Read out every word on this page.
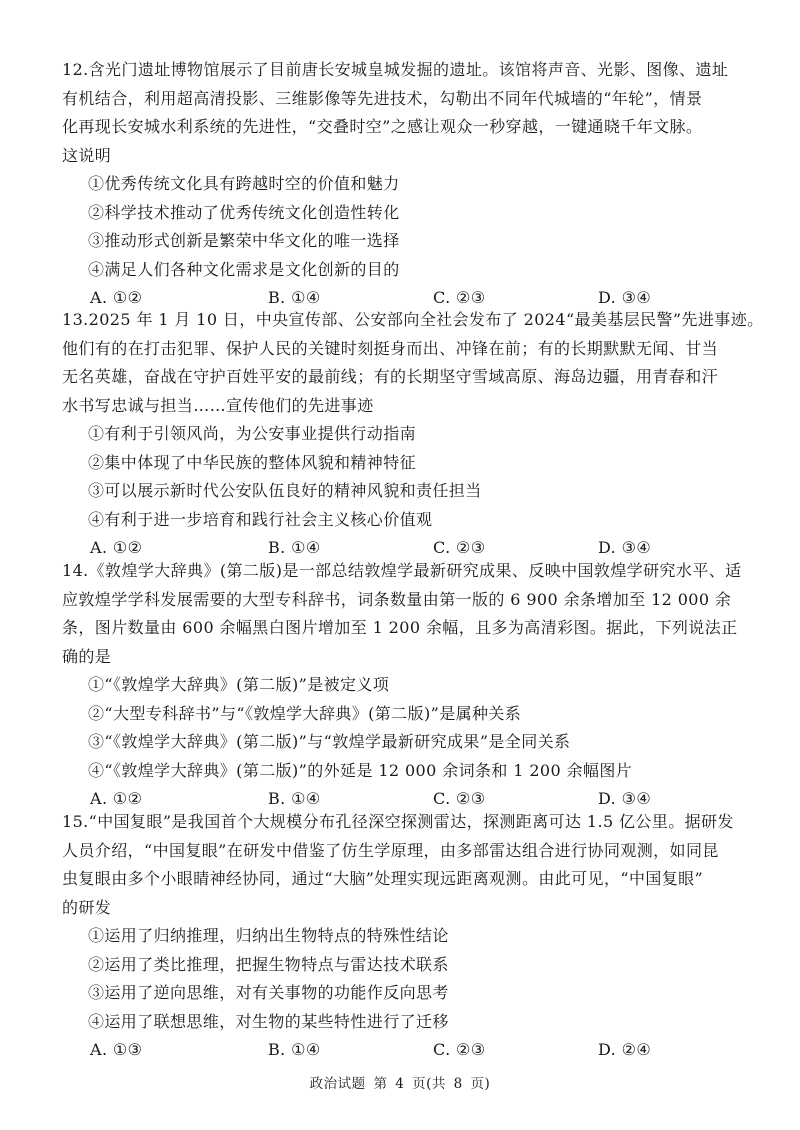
12.含光门遗址博物馆展示了目前唐长安城皇城发掘的遗址。该馆将声音、光影、图像、遗址
有机结合，利用超高清投影、三维影像等先进技术，勾勒出不同年代城墙的“年轮”，情景
化再现长安城水利系统的先进性，“交叠时空”之感让观众一秒穿越，一键通晓千年文脉。
这说明
①优秀传统文化具有跨越时空的价值和魅力
②科学技术推动了优秀传统文化创造性转化
③推动形式创新是繁荣中华文化的唯一选择
④满足人们各种文化需求是文化创新的目的
A. ①②	B. ①④	C. ②③	D. ③④
13.2025 年 1 月 10 日，中央宣传部、公安部向全社会发布了 2024“最美基层民警”先进事迹。
他们有的在打击犯罪、保护人民的关键时刻挺身而出、冲锋在前；有的长期默默无闻、甘当
无名英雄，奋战在守护百姓平安的最前线；有的长期坚守雪域高原、海岛边疆，用青春和汗
水书写忠诚与担当……宣传他们的先进事迹
①有利于引领风尚，为公安事业提供行动指南
②集中体现了中华民族的整体风貌和精神特征
③可以展示新时代公安队伍良好的精神风貌和责任担当
④有利于进一步培育和践行社会主义核心价值观
A. ①②	B. ①④	C. ②③	D. ③④
14.《敦煌学大辞典》(第二版)是一部总结敦煌学最新研究成果、反映中国敦煌学研究水平、适
应敦煌学学科发展需要的大型专科辞书，词条数量由第一版的 6 900 余条增加至 12 000 余
条，图片数量由 600 余幅黑白图片增加至 1 200 余幅，且多为高清彩图。据此，下列说法正
确的是
①“《敦煌学大辞典》(第二版)”是被定义项
②“大型专科辞书”与“《敦煌学大辞典》(第二版)”是属种关系
③“《敦煌学大辞典》(第二版)”与“敦煌学最新研究成果”是全同关系
④“《敦煌学大辞典》(第二版)”的外延是 12 000 余词条和 1 200 余幅图片
A. ①②	B. ①④	C. ②③	D. ③④
15.“中国复眼”是我国首个大规模分布孔径深空探测雷达，探测距离可达 1.5 亿公里。据研发
人员介绍，“中国复眼”在研发中借鉴了仿生学原理，由多部雷达组合进行协同观测，如同昆
虫复眼由多个小眼睛神经协同，通过“大脑”处理实现远距离观测。由此可见，“中国复眼”
的研发
①运用了归纳推理，归纳出生物特点的特殊性结论
②运用了类比推理，把握生物特点与雷达技术联系
③运用了逆向思维，对有关事物的功能作反向思考
④运用了联想思维，对生物的某些特性进行了迁移
A. ①③	B. ①④	C. ②③	D. ②④
政治试题 第 4 页(共 8 页)
